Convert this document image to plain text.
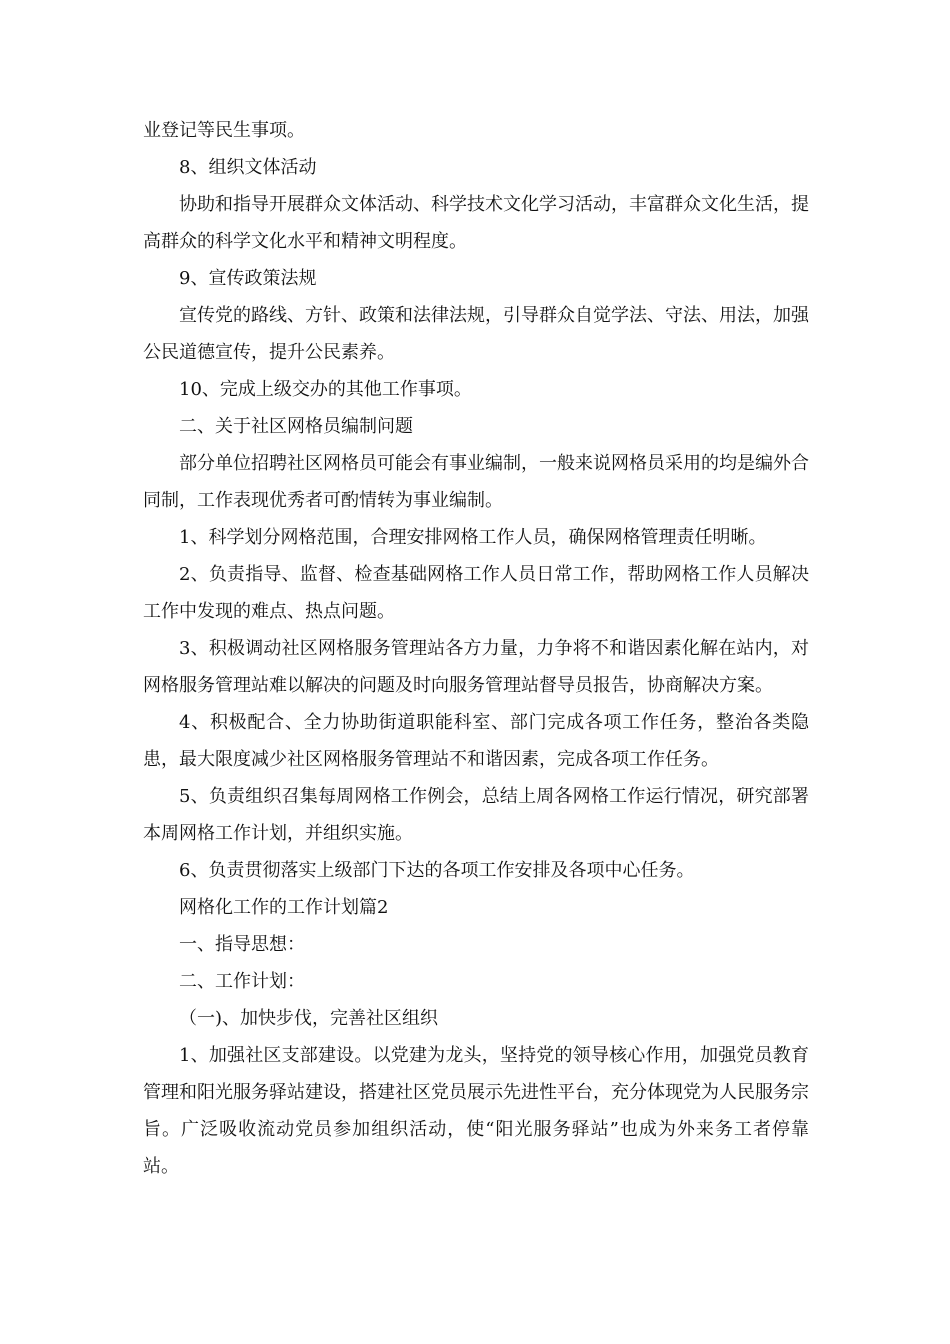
业登记等民生事项。

8、组织文体活动

协助和指导开展群众文体活动、科学技术文化学习活动，丰富群众文化生活，提高群众的科学文化水平和精神文明程度。

9、宣传政策法规

宣传党的路线、方针、政策和法律法规，引导群众自觉学法、守法、用法，加强公民道德宣传，提升公民素养。

10、完成上级交办的其他工作事项。

二、关于社区网格员编制问题

部分单位招聘社区网格员可能会有事业编制，一般来说网格员采用的均是编外合同制，工作表现优秀者可酌情转为事业编制。

1、科学划分网格范围，合理安排网格工作人员，确保网格管理责任明晰。

2、负责指导、监督、检查基础网格工作人员日常工作，帮助网格工作人员解决工作中发现的难点、热点问题。

3、积极调动社区网格服务管理站各方力量，力争将不和谐因素化解在站内，对网格服务管理站难以解决的问题及时向服务管理站督导员报告，协商解决方案。

4、积极配合、全力协助街道职能科室、部门完成各项工作任务，整治各类隐患，最大限度减少社区网格服务管理站不和谐因素，完成各项工作任务。

5、负责组织召集每周网格工作例会，总结上周各网格工作运行情况，研究部署本周网格工作计划，并组织实施。

6、负责贯彻落实上级部门下达的各项工作安排及各项中心任务。

网格化工作的工作计划篇2

一、指导思想：

二、工作计划：

（一)、加快步伐，完善社区组织

1、加强社区支部建设。以党建为龙头，坚持党的领导核心作用，加强党员教育管理和阳光服务驿站建设，搭建社区党员展示先进性平台，充分体现党为人民服务宗旨。广泛吸收流动党员参加组织活动，使“阳光服务驿站”也成为外来务工者停靠站。
